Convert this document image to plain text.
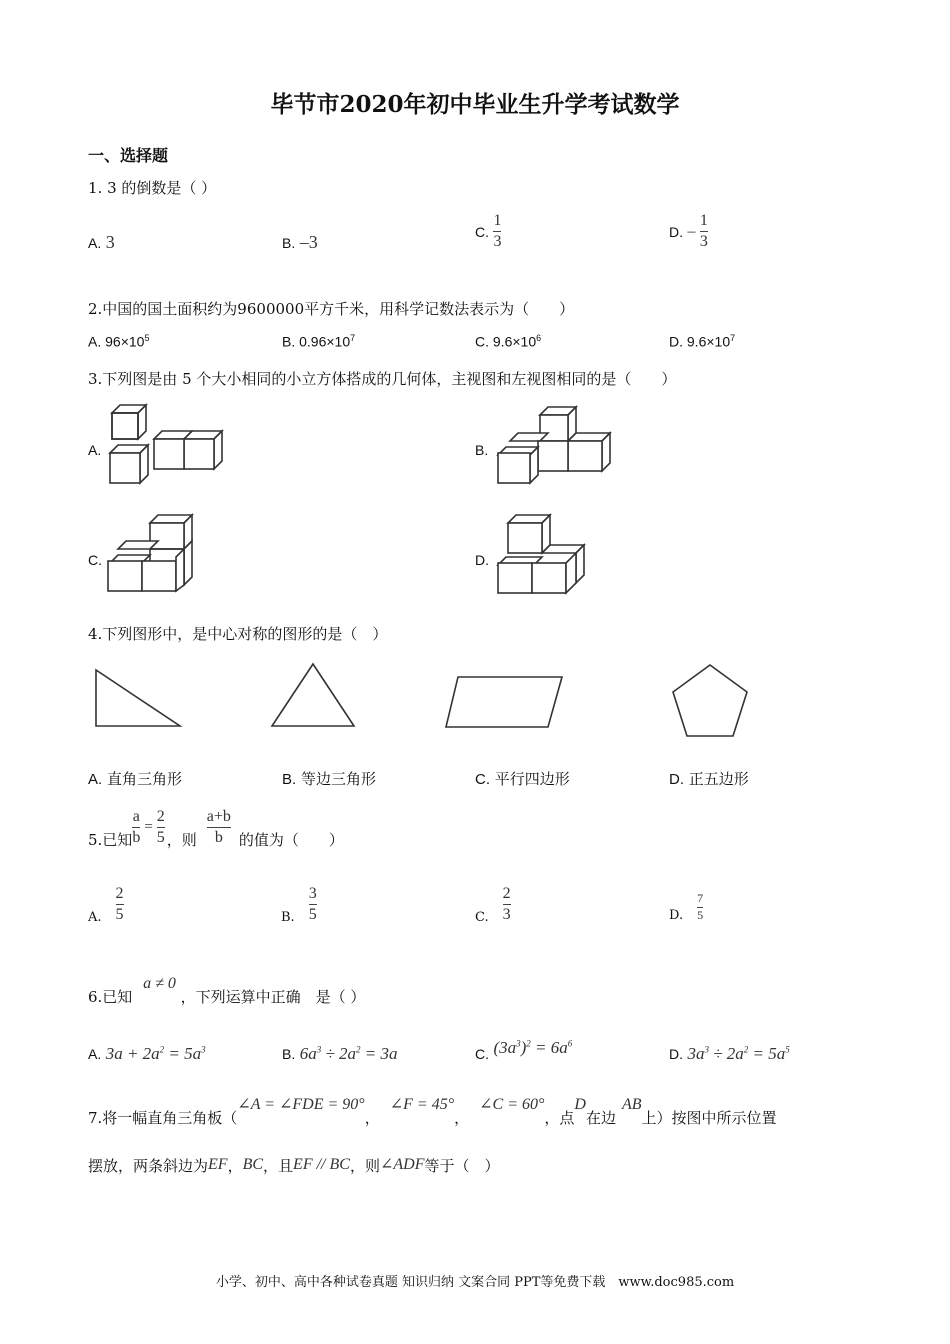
毕节市2020年初中毕业生升学考试数学
一、选择题
1. 3 的倒数是（ ）
A. 3	B. –3
C. $\frac{1}{3}$	D. – $\frac{1}{3}$
2.中国的国土面积约为9600000平方千米，用科学记数法表示为（　　）
A. $96\times 10^5$	B. $0.96\times 10^7$	C. $9.6\times 10^6$	D. $9.6\times 10^7$
3.下列图是由 5 个大小相同的小立方体搭成的几何体，主视图和左视图相同的是（　　）
A.	B.
C.	D.
4.下列图形中，是中心对称的图形的是（　）
A. 直角三角形	B. 等边三角形	C. 平行四边形	D. 正五边形
5.已知 $\frac{a}{b} = \frac{2}{5}$ ，则 $\frac{a+b}{b}$ 的值为（　　）
A. $\frac{2}{5}$	B. $\frac{3}{5}$	C. $\frac{2}{3}$	D. $\frac{7}{5}$
6.已知 a ≠ 0 ，下列运算中正确　是（ ）
A. $3a + 2a^2 = 5a^3$	B. $6a^3 \div 2a^2 = 3a$	C. $(3a^3)^2 = 6a^6$
D. $3a^3 \div 2a^2 = 5a^5$
7.将一幅直角三角板（∠A = ∠FDE = 90°，∠F = 45°，∠C = 60°，点D在边AB上）按图中所示位置
摆放，两条斜边为EF，BC，且EF // BC，则∠ADF等于（　）
小学、初中、高中各种试卷真题 知识归纳 文案合同 PPT等免费下载　www.doc985.com
